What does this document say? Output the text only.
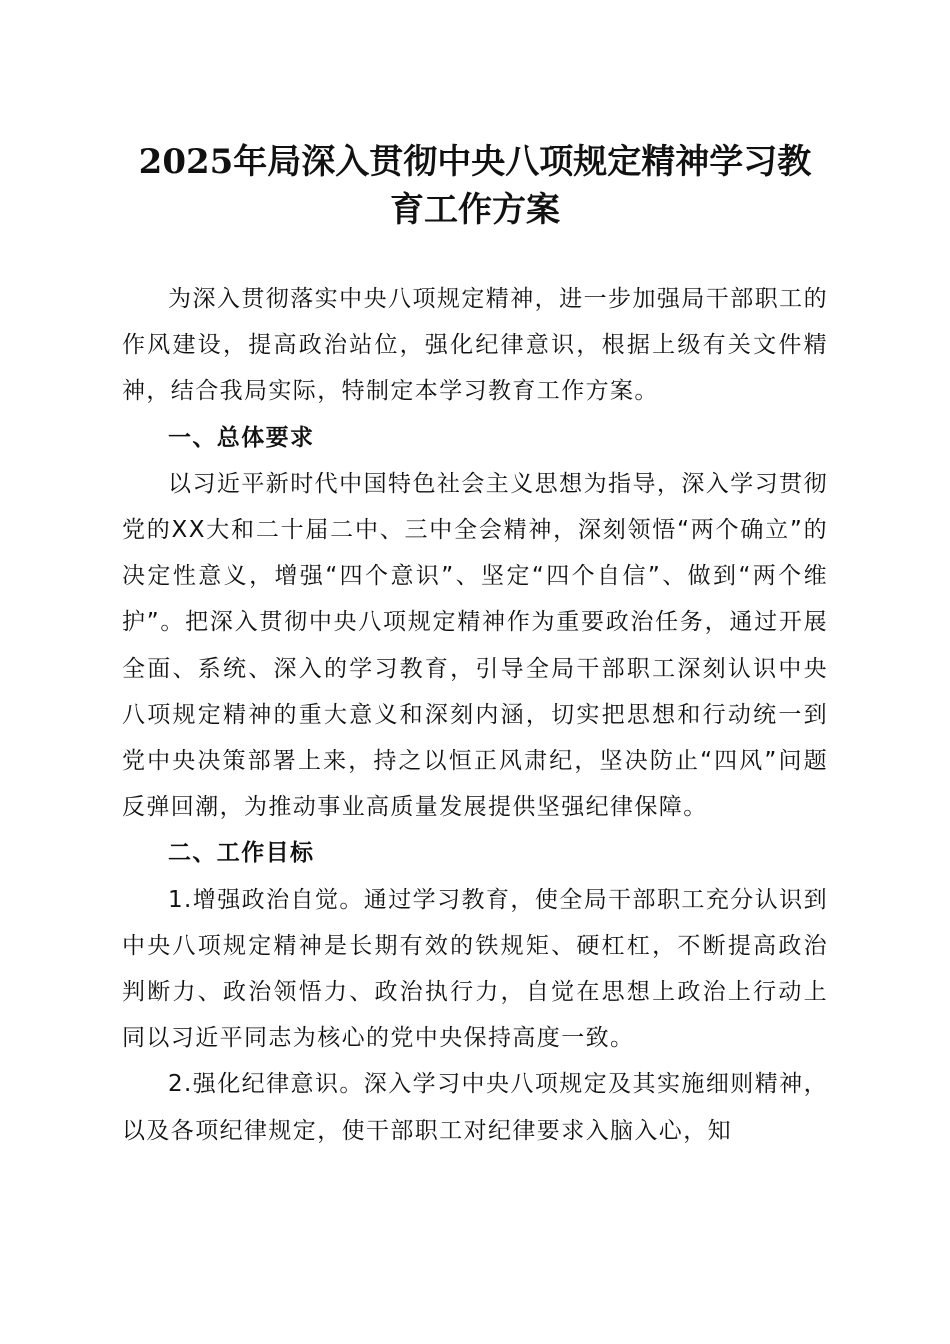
2025年局深入贯彻中央八项规定精神学习教
育工作方案

为深入贯彻落实中央八项规定精神，进一步加强局干部职工的作风建设，提高政治站位，强化纪律意识，根据上级有关文件精神，结合我局实际，特制定本学习教育工作方案。

一、总体要求

以习近平新时代中国特色社会主义思想为指导，深入学习贯彻党的XX大和二十届二中、三中全会精神，深刻领悟“两个确立”的决定性意义，增强“四个意识”、坚定“四个自信”、做到“两个维护”。把深入贯彻中央八项规定精神作为重要政治任务，通过开展全面、系统、深入的学习教育，引导全局干部职工深刻认识中央八项规定精神的重大意义和深刻内涵，切实把思想和行动统一到党中央决策部署上来，持之以恒正风肃纪，坚决防止“四风”问题反弹回潮，为推动事业高质量发展提供坚强纪律保障。

二、工作目标

1.增强政治自觉。通过学习教育，使全局干部职工充分认识到中央八项规定精神是长期有效的铁规矩、硬杠杠，不断提高政治判断力、政治领悟力、政治执行力，自觉在思想上政治上行动上同以习近平同志为核心的党中央保持高度一致。

2.强化纪律意识。深入学习中央八项规定及其实施细则精神，以及各项纪律规定，使干部职工对纪律要求入脑入心，知
